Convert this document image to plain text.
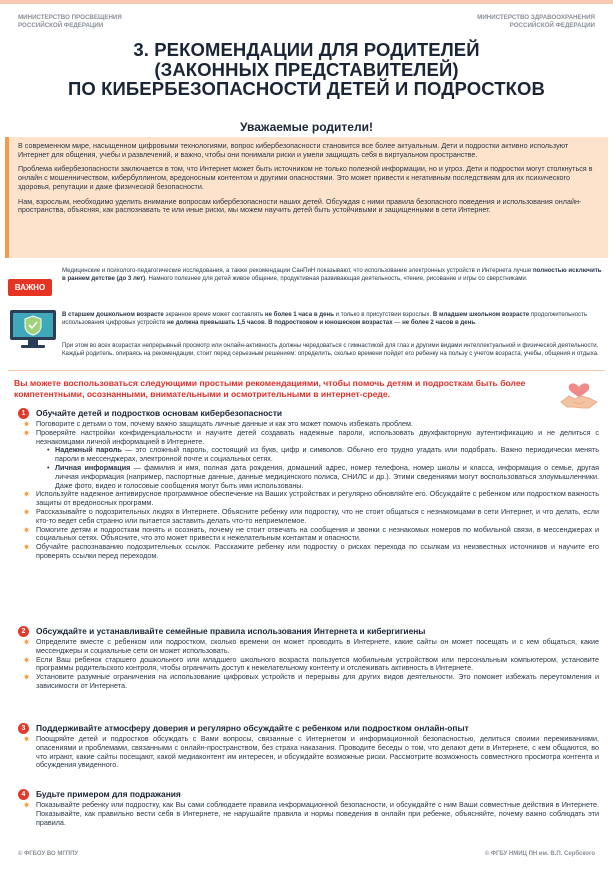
МИНИСТЕРСТВО ПРОСВЕЩЕНИЯ
РОССИЙСКОЙ ФЕДЕРАЦИИ
МИНИСТЕРСТВО ЗДРАВООХРАНЕНИЯ
РОССИЙСКОЙ ФЕДЕРАЦИИ
3. РЕКОМЕНДАЦИИ ДЛЯ РОДИТЕЛЕЙ
(ЗАКОННЫХ ПРЕДСТАВИТЕЛЕЙ)
ПО КИБЕРБЕЗОПАСНОСТИ ДЕТЕЙ И ПОДРОСТКОВ
Уважаемые родители!

В современном мире, насыщенном цифровыми технологиями, вопрос кибербезопасности становится все более актуальным. Дети и подростки активно используют Интернет для общения, учебы и развлечений, и важно, чтобы они понимали риски и умели защищать себя в виртуальном пространстве.

Проблема кибербезопасности заключается в том, что Интернет может быть источником не только полезной информации, но и угроз. Дети и подростки могут столкнуться в онлайн с мошенничеством, кибербуллингом, вредоносным контентом и другими опасностями. Это может привести к негативным последствиям для их психического здоровья, репутации и даже физической безопасности.

Нам, взрослым, необходимо уделить внимание вопросам кибербезопасности наших детей. Обсуждая с ними правила безопасного поведения и использования онлайн-пространства, объясняя, как распознавать те или иные риски, мы можем научить детей быть устойчивыми и защищенными в сети Интернет.

ВАЖНО
Медицинские и психолого-педагогические исследования, а также рекомендации СанПиН показывают, что использование электронных устройств и Интернета лучше полностью исключить в раннем детстве (до 3 лет). Намного полезнее для детей живое общение, продуктивная развивающая деятельность, чтение, рисование и игры со сверстниками.
В старшем дошкольном возрасте экранное время может составлять не более 1 часа в день и только в присутствии взрослых. В младшем школьном возрасте продолжительность использования цифровых устройств не должна превышать 1,5 часов. В подростковом и юношеском возрастах — не более 2 часов в день.
При этом во всех возрастах непрерывный просмотр или онлайн-активность должны чередоваться с гимнастикой для глаз и другими видами интеллектуальной и физической деятельности. Каждый родитель, опираясь на рекомендации, стоит перед серьезным решением: определить, сколько времени пойдет его ребенку на пользу с учетом возраста, учебы, общения и отдыха.
Вы можете воспользоваться следующими простыми рекомендациями, чтобы помочь детям и подросткам быть более компетентными, осознанными, внимательными и осмотрительными в интернет-среде.
1	Обучайте детей и подростков основам кибербезопасности
✷ Поговорите с детьми о том, почему важно защищать личные данные и как это может помочь избежать проблем.
✷ Проверяйте настройки конфиденциальности и научите детей создавать надежные пароли, использовать двухфакторную аутентификацию и не делиться с незнакомцами личной информацией в Интернете.
• Надежный пароль — это сложный пароль, состоящий из букв, цифр и символов. Обычно его трудно угадать или подобрать. Важно периодически менять пароли в мессенджерах, электронной почте и социальных сетях.
• Личная информация — фамилия и имя, полная дата рождения, домашний адрес, номер телефона, номер школы и класса, информация о семье, другая личная информация (например, паспортные данные, данные медицинского полиса, СНИЛС и др.). Этими сведениями могут воспользоваться злоумышленники. Даже фото, видео и голосовые сообщения могут быть ими использованы.
✷ Используйте надежное антивирусное программное обеспечение на Ваших устройствах и регулярно обновляйте его. Обсуждайте с ребенком или подростком важность защиты от вредоносных программ.
✷ Рассказывайте о подозрительных людях в Интернете. Объясните ребенку или подростку, что не стоит общаться с незнакомцами в сети Интернет, и что делать, если кто-то ведет себя странно или пытается заставить делать что-то неприемлемое.
✷ Помогите детям и подросткам понять и осознать, почему не стоит отвечать на сообщения и звонки с незнакомых номеров по мобильной связи, в мессенджерах и социальных сетях. Объясните, что это может привести к нежелательным контактам и опасности.
✷ Обучайте распознаванию подозрительных ссылок. Расскажите ребенку или подростку о рисках перехода по ссылкам из неизвестных источников и научите его проверять ссылки перед переходом.
2	Обсуждайте и устанавливайте семейные правила использования Интернета и кибергигиены
✷ Определите вместе с ребенком или подростком, сколько времени он может проводить в Интернете, какие сайты он может посещать и с кем общаться, какие мессенджеры и социальные сети он может использовать.
✷ Если Ваш ребенок старшего дошкольного или младшего школьного возраста пользуется мобильным устройством или персональным компьютером, установите программы родительского контроля, чтобы ограничить доступ к нежелательному контенту и отслеживать активность в Интернете.
✷ Установите разумные ограничения на использование цифровых устройств и перерывы для других видов деятельности. Это поможет избежать переутомления и зависимости от Интернета.
3	Поддерживайте атмосферу доверия и регулярно обсуждайте с ребенком или подростком онлайн-опыт
✷ Поощряйте детей и подростков обсуждать с Вами вопросы, связанные с Интернетом и информационной безопасностью, делиться своими переживаниями, опасениями и проблемами, связанными с онлайн-пространством, без страха наказания. Проводите беседы о том, что делают дети в Интернете, с кем общаются, во что играют, какие сайты посещают, какой медиаконтент им интересен, и обсуждайте возможные риски. Рассмотрите возможность совместного просмотра контента и обсуждения увиденного.
4	Будьте примером для подражания
✷ Показывайте ребенку или подростку, как Вы сами соблюдаете правила информационной безопасности, и обсуждайте с ним Ваши совместные действия в Интернете. Показывайте, как правильно вести себя в Интернете, не нарушайте правила и нормы поведения в онлайн при ребенке, объясняйте, почему важно соблюдать эти правила.
© ФГБОУ ВО МГППУ	© ФГБУ НМИЦ ПН им. В.П. Сербского
